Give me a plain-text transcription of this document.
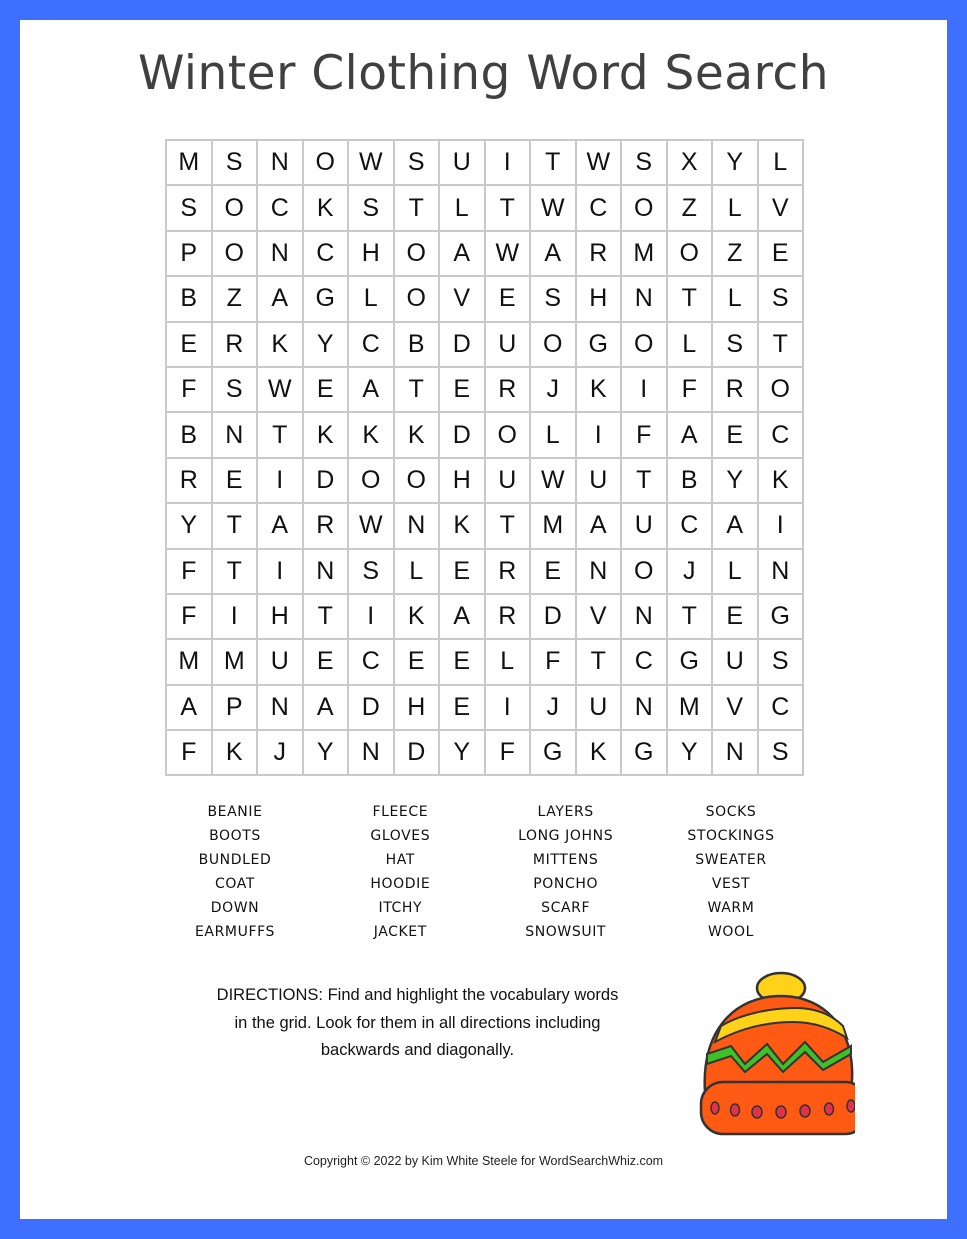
Winter Clothing Word Search
M	S	N	O	W	S	U	I	T	W	S	X	Y	L
S	O	C	K	S	T	L	T	W	C	O	Z	L	V
P	O	N	C	H	O	A	W	A	R	M	O	Z	E
B	Z	A	G	L	O	V	E	S	H	N	T	L	S
E	R	K	Y	C	B	D	U	O	G	O	L	S	T
F	S	W	E	A	T	E	R	J	K	I	F	R	O
B	N	T	K	K	K	D	O	L	I	F	A	E	C
R	E	I	D	O	O	H	U	W	U	T	B	Y	K
Y	T	A	R	W	N	K	T	M	A	U	C	A	I
F	T	I	N	S	L	E	R	E	N	O	J	L	N
F	I	H	T	I	K	A	R	D	V	N	T	E	G
M	M	U	E	C	E	E	L	F	T	C	G	U	S
A	P	N	A	D	H	E	I	J	U	N	M	V	C
F	K	J	Y	N	D	Y	F	G	K	G	Y	N	S
BEANIE
BOOTS
BUNDLED
COAT
DOWN
EARMUFFS
FLEECE
GLOVES
HAT
HOODIE
ITCHY
JACKET
LAYERS
LONG JOHNS
MITTENS
PONCHO
SCARF
SNOWSUIT
SOCKS
STOCKINGS
SWEATER
VEST
WARM
WOOL
DIRECTIONS: Find and highlight the vocabulary words
in the grid. Look for them in all directions including
backwards and diagonally.
Copyright © 2022 by Kim White Steele for WordSearchWhiz.com
